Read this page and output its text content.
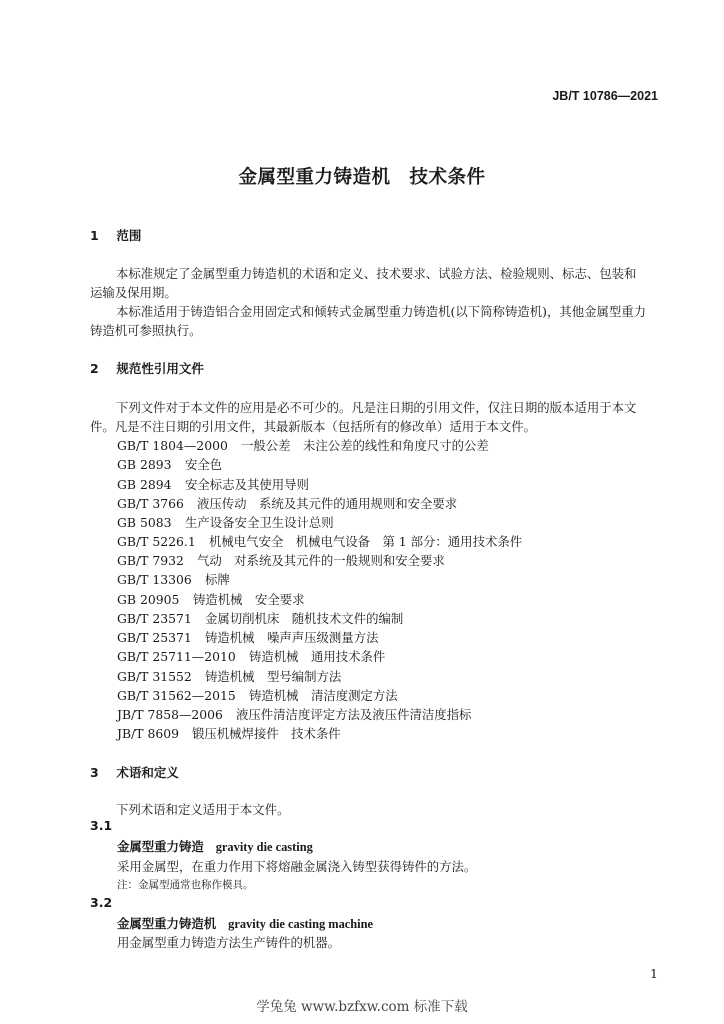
JB/T 10786—2021
金属型重力铸造机　技术条件
1 范围
本标准规定了金属型重力铸造机的术语和定义、技术要求、试验方法、检验规则、标志、包装和
运输及保用期。
本标准适用于铸造铝合金用固定式和倾转式金属型重力铸造机(以下简称铸造机)，其他金属型重力
铸造机可参照执行。
2 规范性引用文件
下列文件对于本文件的应用是必不可少的。凡是注日期的引用文件，仅注日期的版本适用于本文
件。凡是不注日期的引用文件，其最新版本（包括所有的修改单）适用于本文件。
GB/T 1804—2000 一般公差　未注公差的线性和角度尺寸的公差
GB 2893 安全色
GB 2894 安全标志及其使用导则
GB/T 3766 液压传动　系统及其元件的通用规则和安全要求
GB 5083 生产设备安全卫生设计总则
GB/T 5226.1 机械电气安全　机械电气设备　第 1 部分：通用技术条件
GB/T 7932 气动　对系统及其元件的一般规则和安全要求
GB/T 13306 标牌
GB 20905 铸造机械　安全要求
GB/T 23571 金属切削机床　随机技术文件的编制
GB/T 25371 铸造机械　噪声声压级测量方法
GB/T 25711—2010 铸造机械　通用技术条件
GB/T 31552 铸造机械　型号编制方法
GB/T 31562—2015 铸造机械　清洁度测定方法
JB/T 7858—2006 液压件清洁度评定方法及液压件清洁度指标
JB/T 8609 锻压机械焊接件　技术条件
3 术语和定义
下列术语和定义适用于本文件。
3.1
金属型重力铸造 gravity die casting
采用金属型，在重力作用下将熔融金属浇入铸型获得铸件的方法。
注：金属型通常也称作模具。
3.2
金属型重力铸造机 gravity die casting machine
用金属型重力铸造方法生产铸件的机器。
1
学兔兔 www.bzfxw.com 标准下载
